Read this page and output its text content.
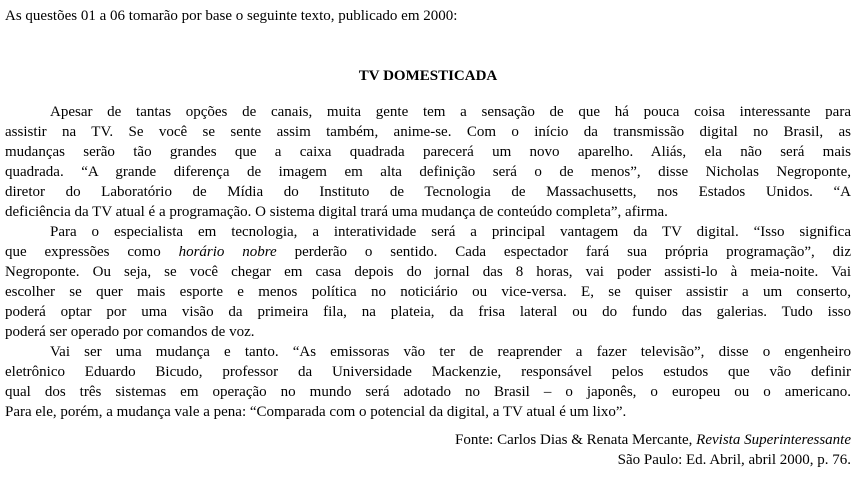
As questões 01 a 06 tomarão por base o seguinte texto, publicado em 2000:

TV DOMESTICADA
Apesar de tantas opções de canais, muita gente tem a sensação de que há pouca coisa interessante para
assistir na TV. Se você se sente assim também, anime-se. Com o início da transmissão digital no Brasil, as
mudanças serão tão grandes que a caixa quadrada parecerá um novo aparelho. Aliás, ela não será mais
quadrada. “A grande diferença de imagem em alta definição será o de menos”, disse Nicholas Negroponte,
diretor do Laboratório de Mídia do Instituto de Tecnologia de Massachusetts, nos Estados Unidos. “A
deficiência da TV atual é a programação. O sistema digital trará uma mudança de conteúdo completa”, afirma.
Para o especialista em tecnologia, a interatividade será a principal vantagem da TV digital. “Isso significa
que expressões como horário nobre perderão o sentido. Cada espectador fará sua própria programação”, diz
Negroponte. Ou seja, se você chegar em casa depois do jornal das 8 horas, vai poder assisti-lo à meia-noite. Vai
escolher se quer mais esporte e menos política no noticiário ou vice-versa. E, se quiser assistir a um conserto,
poderá optar por uma visão da primeira fila, na plateia, da frisa lateral ou do fundo das galerias. Tudo isso
poderá ser operado por comandos de voz.
Vai ser uma mudança e tanto. “As emissoras vão ter de reaprender a fazer televisão”, disse o engenheiro
eletrônico Eduardo Bicudo, professor da Universidade Mackenzie, responsável pelos estudos que vão definir
qual dos três sistemas em operação no mundo será adotado no Brasil – o japonês, o europeu ou o americano.
Para ele, porém, a mudança vale a pena: “Comparada com o potencial da digital, a TV atual é um lixo”.
Fonte: Carlos Dias & Renata Mercante, Revista Superinteressante
São Paulo: Ed. Abril, abril 2000, p. 76.
